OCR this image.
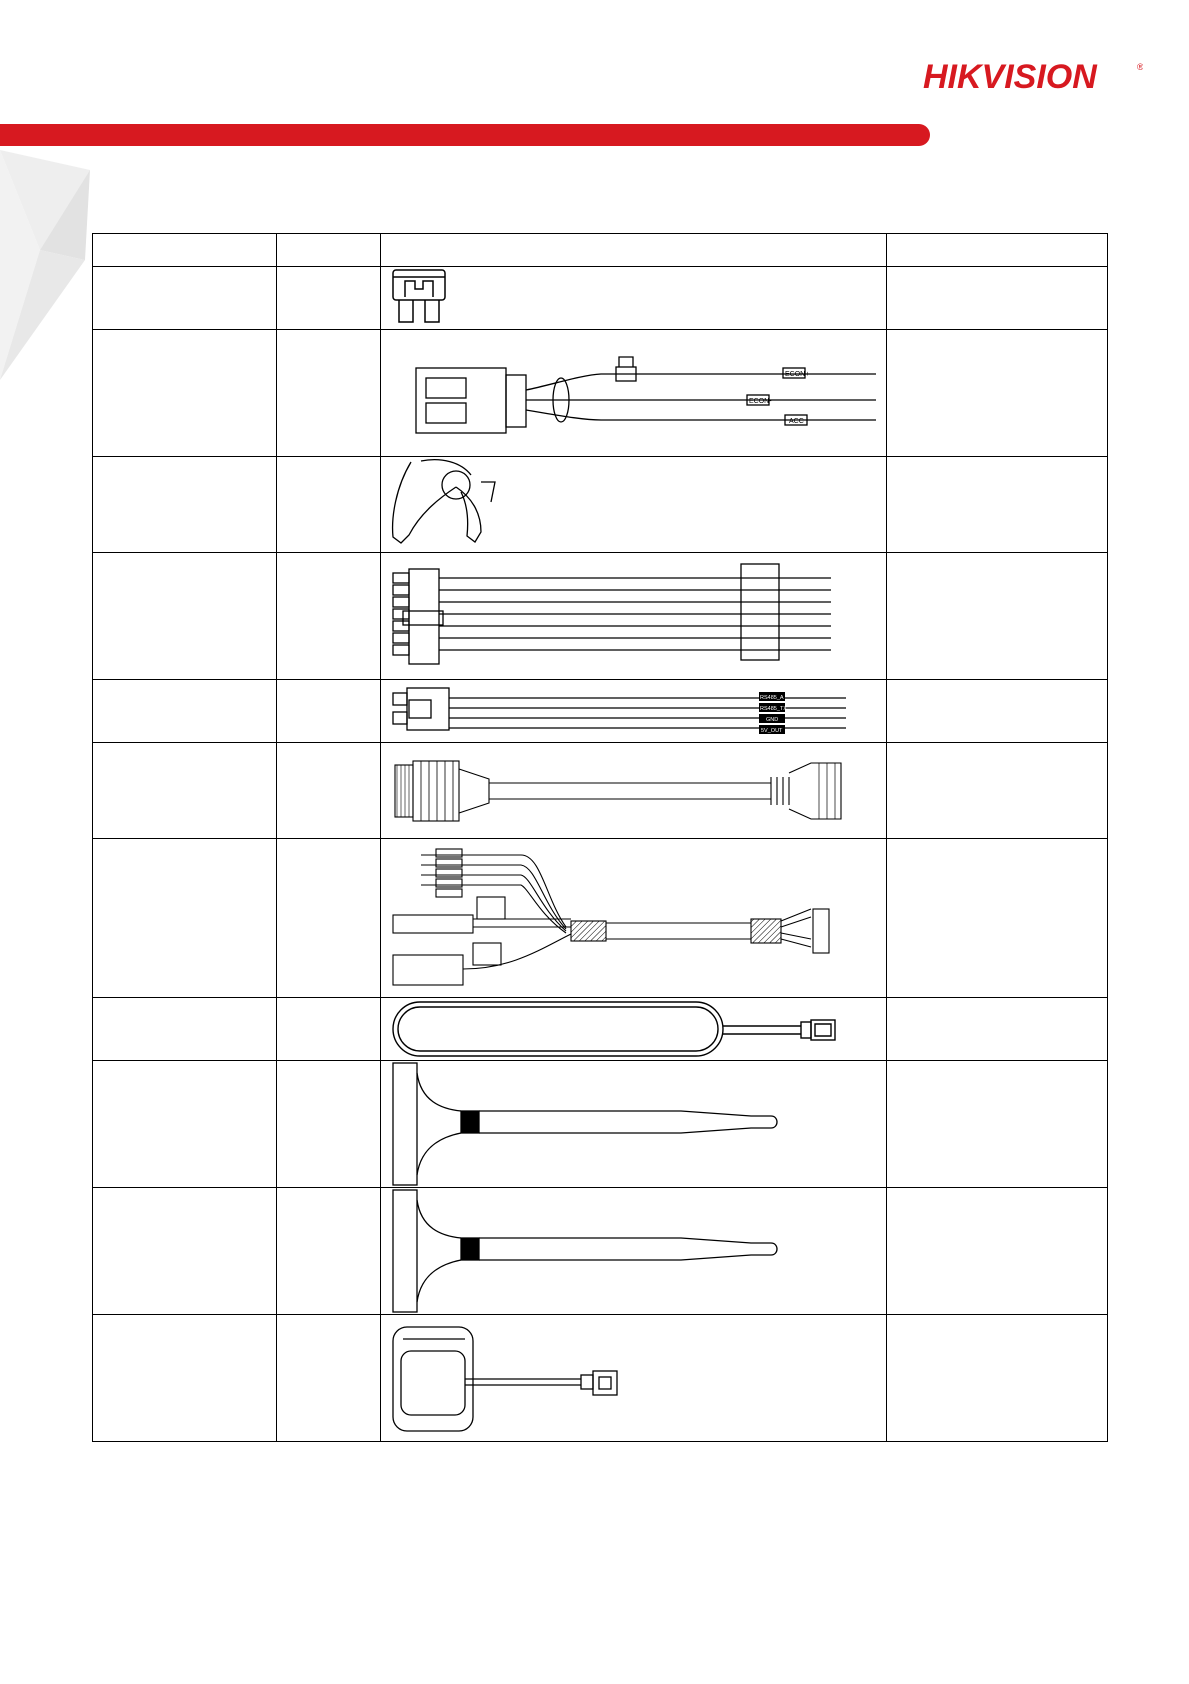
HIKVISION	®

ECON+
ECON-
ACC	

RS485_A
RS485_TX
GND
5V_OUT	
